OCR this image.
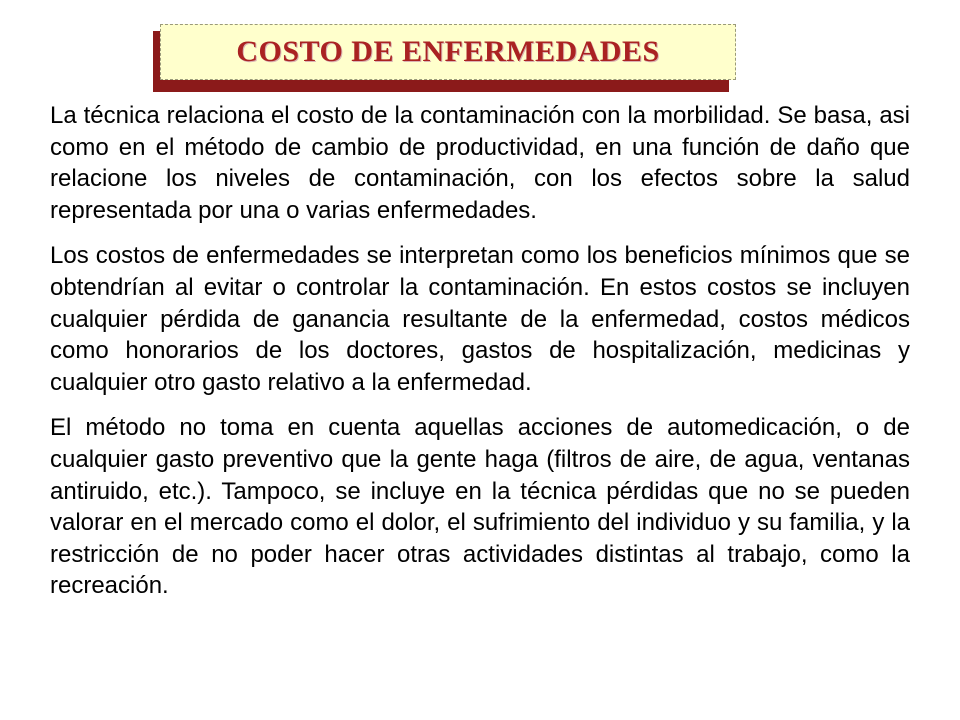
COSTO DE ENFERMEDADES

La técnica relaciona el costo de la contaminación con la morbilidad. Se basa, asi como en el método de cambio de productividad, en una función de daño que relacione los niveles de contaminación, con los efectos sobre la salud representada por una o varias enfermedades.

Los costos de enfermedades se interpretan como los beneficios mínimos que se obtendrían al evitar o controlar la contaminación. En estos costos se incluyen cualquier pérdida de ganancia resultante de la enfermedad, costos médicos como honorarios de los doctores, gastos de hospitalización, medicinas y cualquier otro gasto relativo a la enfermedad.

El método no toma en cuenta aquellas acciones de automedicación, o de cualquier gasto preventivo que la gente haga (filtros de aire, de agua, ventanas antiruido, etc.). Tampoco, se incluye en la técnica pérdidas que no se pueden valorar en el mercado como el dolor, el sufrimiento del individuo y su familia, y la restricción de no poder hacer otras actividades distintas al trabajo, como la recreación.
